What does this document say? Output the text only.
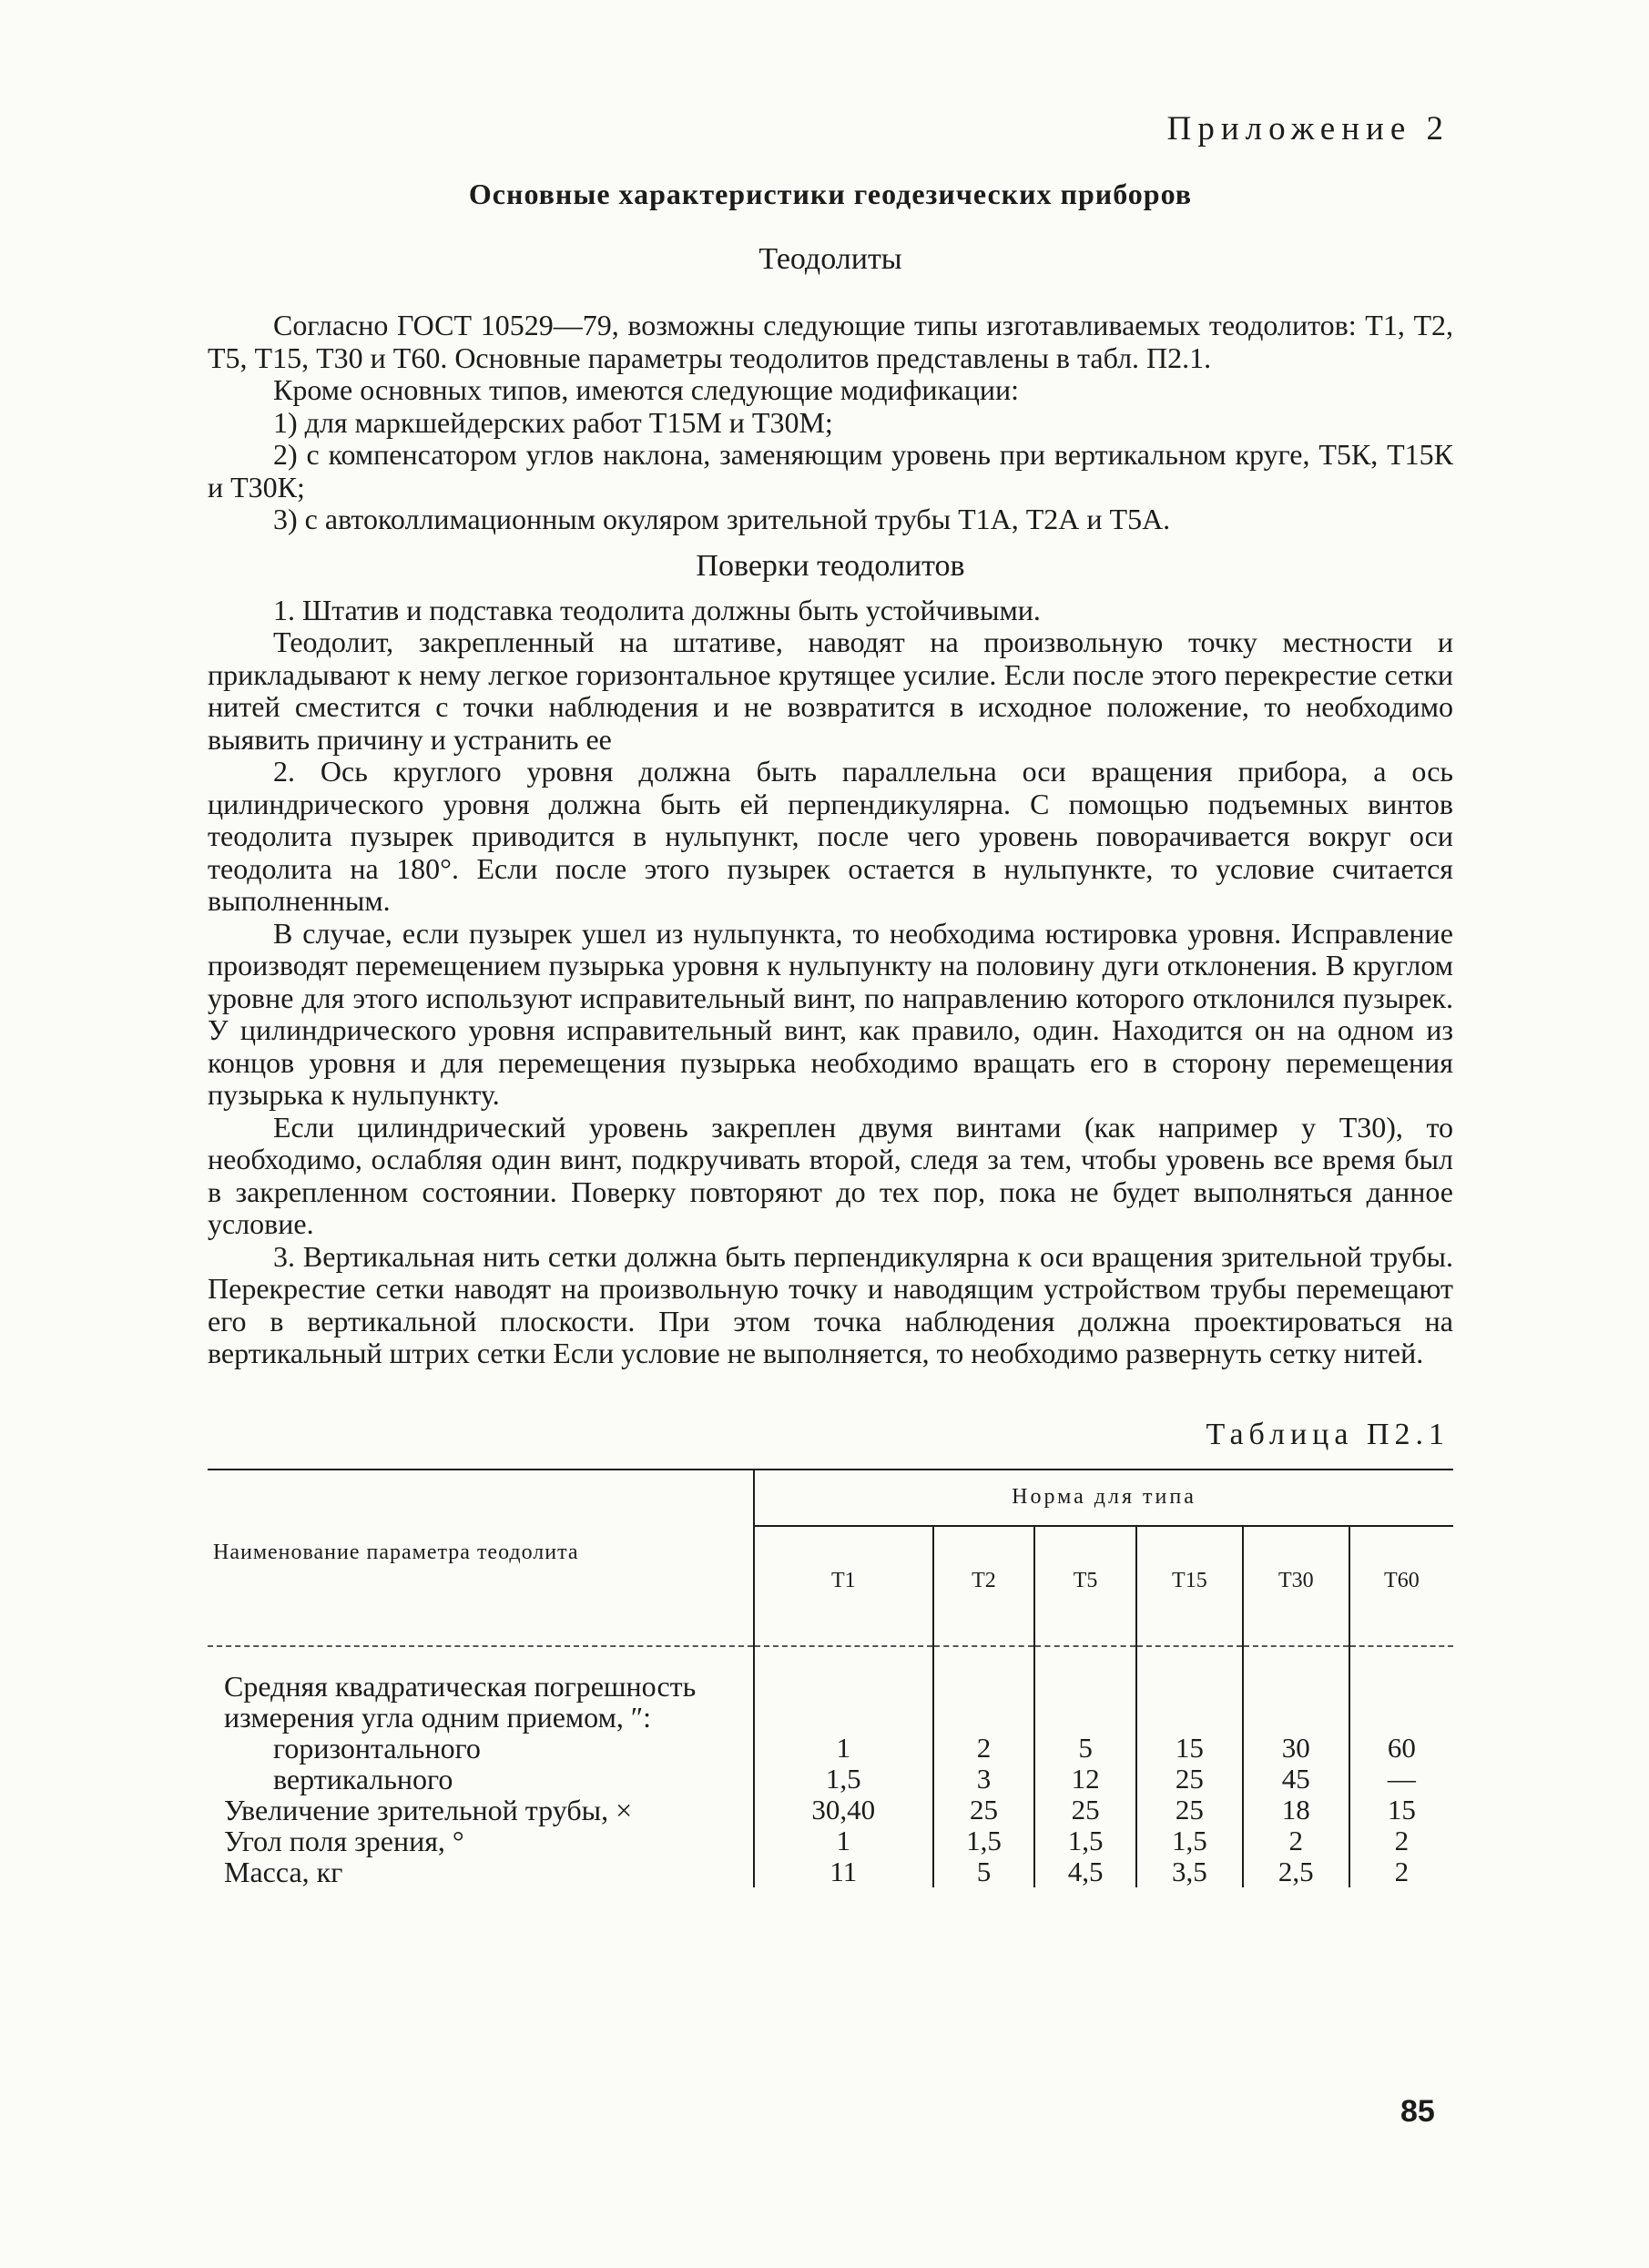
Приложение 2
Основные характеристики геодезических приборов
Теодолиты

Согласно ГОСТ 10529—79, возможны следующие типы изготавливаемых теодолитов: Т1, Т2, Т5, Т15, Т30 и Т60. Основные параметры теодолитов представлены в табл. П2.1.

Кроме основных типов, имеются следующие модификации:

1) для маркшейдерских работ Т15М и Т30М;

2) с компенсатором углов наклона, заменяющим уровень при вертикальном круге, Т5К, Т15К и Т30К;

3) с автоколлимационным окуляром зрительной трубы Т1А, Т2А и Т5А.

Поверки теодолитов

1. Штатив и подставка теодолита должны быть устойчивыми.

Теодолит, закрепленный на штативе, наводят на произвольную точку местности и прикладывают к нему легкое горизонтальное крутящее усилие. Если после этого перекрестие сетки нитей сместится с точки наблюдения и не возвратится в исходное положение, то необходимо выявить причину и устранить ее

2. Ось круглого уровня должна быть параллельна оси вращения прибора, а ось цилиндрического уровня должна быть ей перпендикулярна. С помощью подъемных винтов теодолита пузырек приводится в нульпункт, после чего уровень поворачивается вокруг оси теодолита на 180°. Если после этого пузырек остается в нульпункте, то условие считается выполненным.

В случае, если пузырек ушел из нульпункта, то необходима юстировка уровня. Исправление производят перемещением пузырька уровня к нульпункту на половину дуги отклонения. В круглом уровне для этого используют исправительный винт, по направлению которого отклонился пузырек. У цилиндрического уровня исправительный винт, как правило, один. Находится он на одном из концов уровня и для перемещения пузырька необходимо вращать его в сторону перемещения пузырька к нульпункту.

Если цилиндрический уровень закреплен двумя винтами (как например у Т30), то необходимо, ослабляя один винт, подкручивать второй, следя за тем, чтобы уровень все время был в закрепленном состоянии. Поверку повторяют до тех пор, пока не будет выполняться данное условие.

3. Вертикальная нить сетки должна быть перпендикулярна к оси вращения зрительной трубы. Перекрестие сетки наводят на произвольную точку и наводящим устройством трубы перемещают его в вертикальной плоскости. При этом точка наблюдения должна проектироваться на вертикальный штрих сетки Если условие не выполняется, то необходимо развернуть сетку нитей.

Таблица П2.1
Наименование параметра теодолита	Норма для типа					
	Т1	Т2	Т5	Т15	Т30	Т60

Средняя квадратическая погрешность измерения угла одним приемом, ″:						
горизонтального	1	2	5	15	30	60
вертикального	1,5	3	12	25	45	—
Увеличение зрительной трубы, ×	30,40	25	25	25	18	15
Угол поля зрения, °	1	1,5	1,5	1,5	2	2
Масса, кг	11	5	4,5	3,5	2,5	2
85
